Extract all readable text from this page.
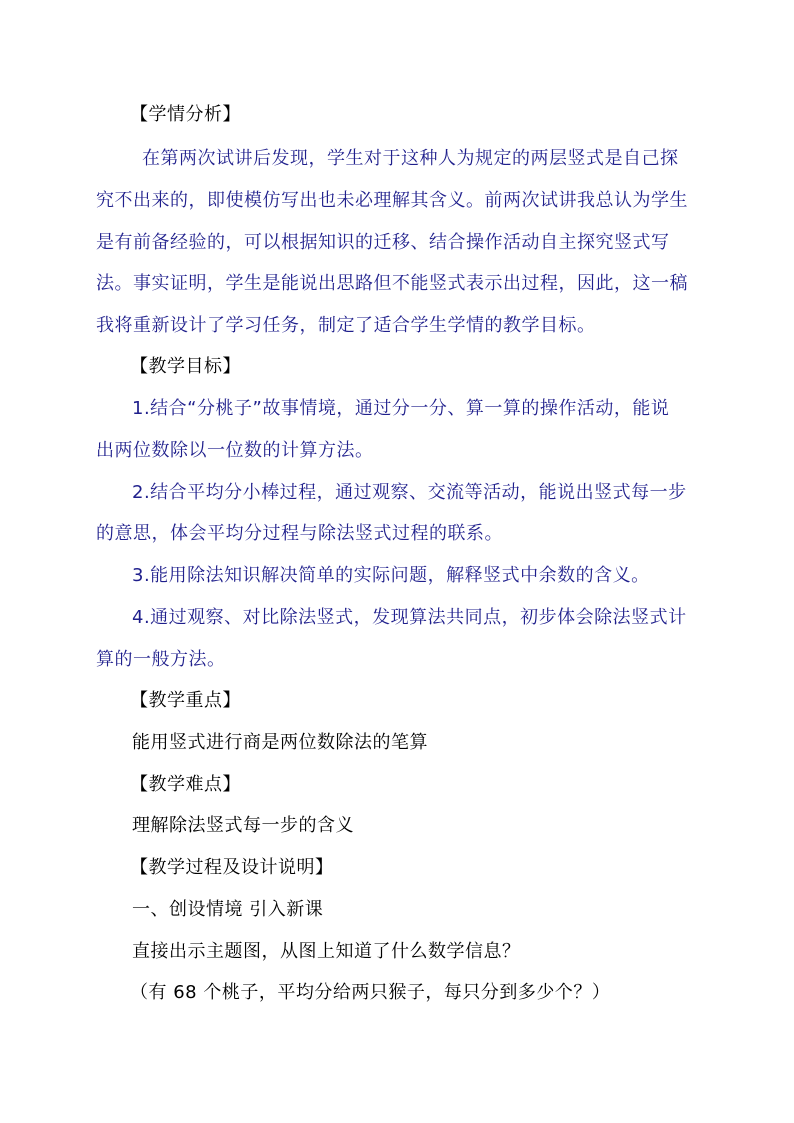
【学情分析】
在第两次试讲后发现，学生对于这种人为规定的两层竖式是自己探
究不出来的，即使模仿写出也未必理解其含义。前两次试讲我总认为学生
是有前备经验的，可以根据知识的迁移、结合操作活动自主探究竖式写
法。事实证明，学生是能说出思路但不能竖式表示出过程，因此，这一稿
我将重新设计了学习任务，制定了适合学生学情的教学目标。
【教学目标】
1.结合“分桃子”故事情境，通过分一分、算一算的操作活动，能说
出两位数除以一位数的计算方法。
2.结合平均分小棒过程，通过观察、交流等活动，能说出竖式每一步
的意思，体会平均分过程与除法竖式过程的联系。
3.能用除法知识解决简单的实际问题，解释竖式中余数的含义。
4.通过观察、对比除法竖式，发现算法共同点，初步体会除法竖式计
算的一般方法。
【教学重点】
能用竖式进行商是两位数除法的笔算
【教学难点】
理解除法竖式每一步的含义
【教学过程及设计说明】
一、创设情境 引入新课
直接出示主题图，从图上知道了什么数学信息？
（有 68 个桃子，平均分给两只猴子，每只分到多少个？）
